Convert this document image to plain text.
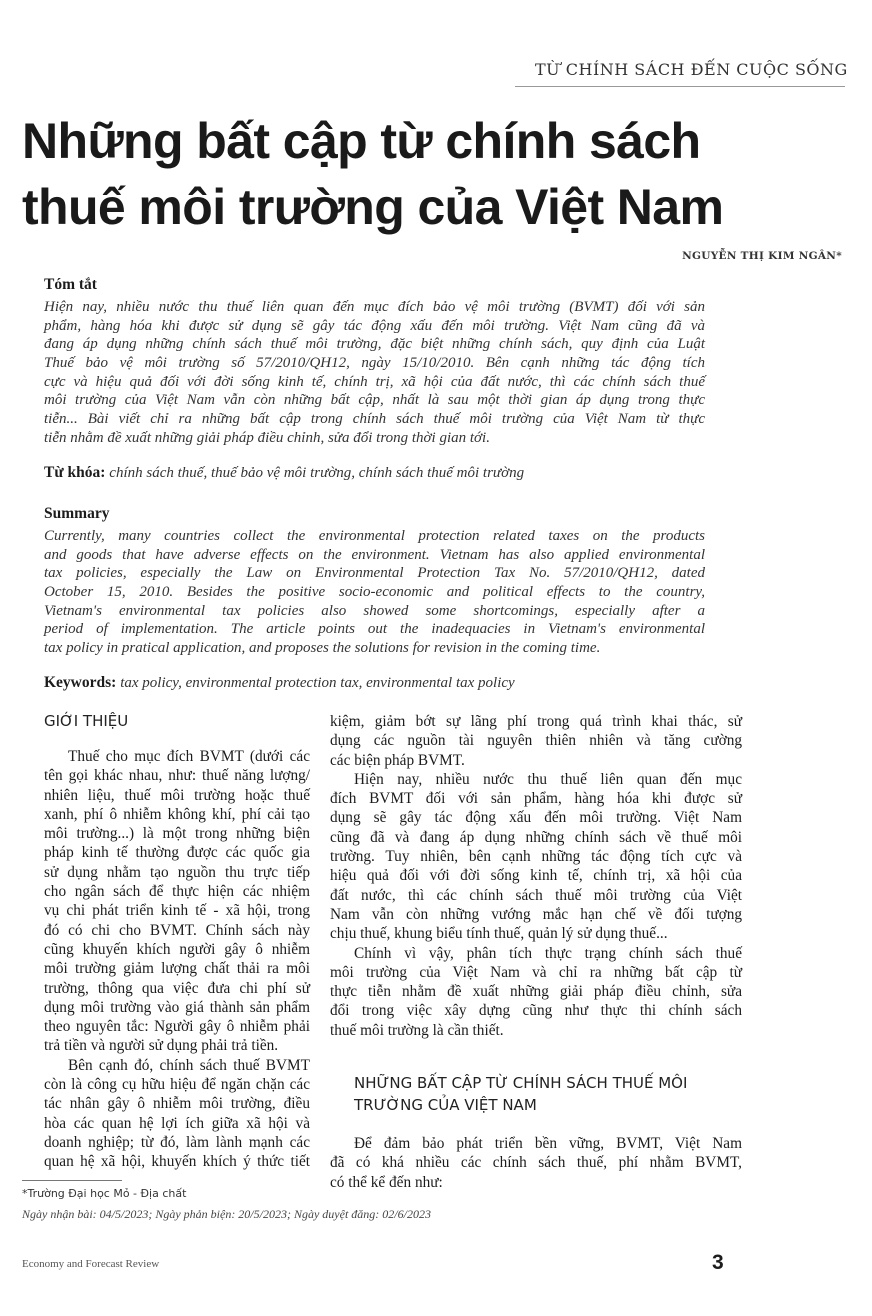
TỪ CHÍNH SÁCH ĐẾN CUỘC SỐNG
Những bất cập từ chính sách
thuế môi trường của Việt Nam
NGUYỄN THỊ KIM NGÂN*
Tóm tắt
Hiện nay, nhiều nước thu thuế liên quan đến mục đích bảo vệ môi trường (BVMT) đối với sản
phẩm, hàng hóa khi được sử dụng sẽ gây tác động xấu đến môi trường. Việt Nam cũng đã và
đang áp dụng những chính sách thuế môi trường, đặc biệt những chính sách, quy định của Luật
Thuế bảo vệ môi trường số 57/2010/QH12, ngày 15/10/2010. Bên cạnh những tác động tích
cực và hiệu quả đối với đời sống kinh tế, chính trị, xã hội của đất nước, thì các chính sách thuế
môi trường của Việt Nam vẫn còn những bất cập, nhất là sau một thời gian áp dụng trong thực
tiễn... Bài viết chỉ ra những bất cập trong chính sách thuế môi trường của Việt Nam từ thực
tiễn nhằm đề xuất những giải pháp điều chỉnh, sửa đổi trong thời gian tới.
Từ khóa: chính sách thuế, thuế bảo vệ môi trường, chính sách thuế môi trường
Summary
Currently, many countries collect the environmental protection related taxes on the products
and goods that have adverse effects on the environment. Vietnam has also applied environmental
tax policies, especially the Law on Environmental Protection Tax No. 57/2010/QH12, dated
October 15, 2010. Besides the positive socio-economic and political effects to the country,
Vietnam's environmental tax policies also showed some shortcomings, especially after a
period of implementation. The article points out the inadequacies in Vietnam's environmental
tax policy in pratical application, and proposes the solutions for revision in the coming time.
Keywords: tax policy, environmental protection tax, environmental tax policy
GIỚI THIỆU
Thuế cho mục đích BVMT (dưới các
tên gọi khác nhau, như: thuế năng lượng/
nhiên liệu, thuế môi trường hoặc thuế
xanh, phí ô nhiễm không khí, phí cải tạo
môi trường...) là một trong những biện
pháp kinh tế thường được các quốc gia
sử dụng nhằm tạo nguồn thu trực tiếp
cho ngân sách để thực hiện các nhiệm
vụ chi phát triển kinh tế - xã hội, trong
đó có chi cho BVMT. Chính sách này
cũng khuyến khích người gây ô nhiễm
môi trường giảm lượng chất thải ra môi
trường, thông qua việc đưa chi phí sử
dụng môi trường vào giá thành sản phẩm
theo nguyên tắc: Người gây ô nhiễm phải
trả tiền và người sử dụng phải trả tiền.
Bên cạnh đó, chính sách thuế BVMT
còn là công cụ hữu hiệu để ngăn chặn các
tác nhân gây ô nhiễm môi trường, điều
hòa các quan hệ lợi ích giữa xã hội và
doanh nghiệp; từ đó, làm lành mạnh các
quan hệ xã hội, khuyến khích ý thức tiết
kiệm, giảm bớt sự lãng phí trong quá trình khai thác, sử
dụng các nguồn tài nguyên thiên nhiên và tăng cường
các biện pháp BVMT.
Hiện nay, nhiều nước thu thuế liên quan đến mục
đích BVMT đối với sản phẩm, hàng hóa khi được sử
dụng sẽ gây tác động xấu đến môi trường. Việt Nam
cũng đã và đang áp dụng những chính sách về thuế môi
trường. Tuy nhiên, bên cạnh những tác động tích cực và
hiệu quả đối với đời sống kinh tế, chính trị, xã hội của
đất nước, thì các chính sách thuế môi trường của Việt
Nam vẫn còn những vướng mắc hạn chế về đối tượng
chịu thuế, khung biểu tính thuế, quản lý sử dụng thuế...
Chính vì vậy, phân tích thực trạng chính sách thuế
môi trường của Việt Nam và chỉ ra những bất cập từ
thực tiễn nhằm đề xuất những giải pháp điều chỉnh, sửa
đổi trong việc xây dựng cũng như thực thi chính sách
thuế môi trường là cần thiết.
NHỮNG BẤT CẬP TỪ CHÍNH SÁCH THUẾ MÔI
TRƯỜNG CỦA VIỆT NAM
Để đảm bảo phát triển bền vững, BVMT, Việt Nam
đã có khá nhiều các chính sách thuế, phí nhằm BVMT,
có thể kể đến như:
*Trường Đại học Mỏ - Địa chất
Ngày nhận bài: 04/5/2023; Ngày phản biện: 20/5/2023; Ngày duyệt đăng: 02/6/2023
Economy and Forecast Review	3
